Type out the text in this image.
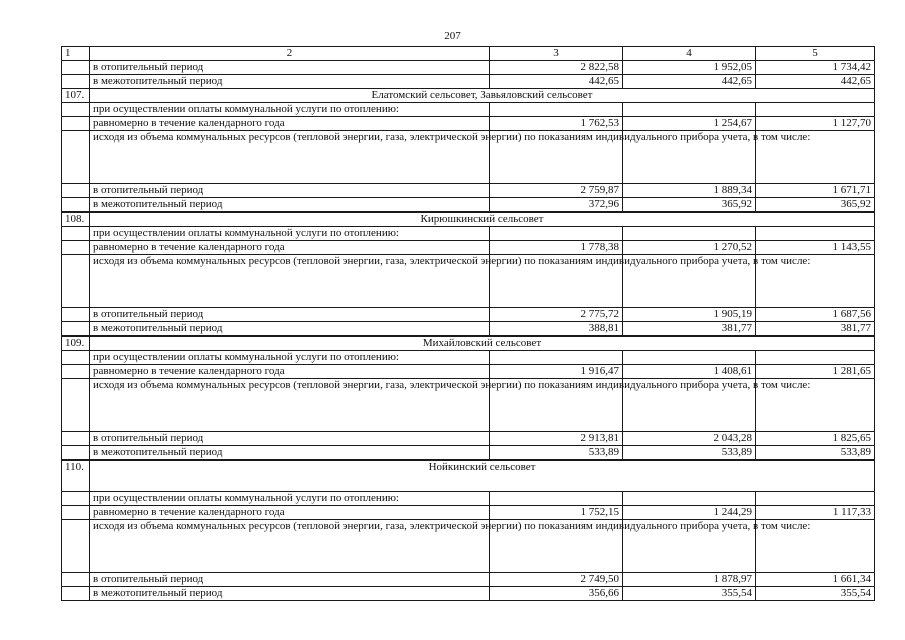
207
1	2	3	4	5
	в отопительный период	2 822,58	1 952,05	1 734,42
	в межотопительный период	442,65	442,65	442,65
107.	Елатомский сельсовет, Завьяловский сельсовет			
	при осуществлении оплаты коммунальной услуги по отоплению:			
	равномерно в течение календарного года	1 762,53	1 254,67	1 127,70

	исходя из объема коммунальных ресурсов (тепловой энергии, газа, электрической энергии) по показаниям индивидуального прибора учета, в том числе:			

	в отопительный период	2 759,87	1 889,34	1 671,71
	в межотопительный период	372,96	365,92	365,92
108.	Кирюшкинский сельсовет			
	при осуществлении оплаты коммунальной услуги по отоплению:			
	равномерно в течение календарного года	1 778,38	1 270,52	1 143,55

	исходя из объема коммунальных ресурсов (тепловой энергии, газа, электрической энергии) по показаниям индивидуального прибора учета, в том числе:			

	в отопительный период	2 775,72	1 905,19	1 687,56
	в межотопительный период	388,81	381,77	381,77
109.	Михайловский сельсовет			
	при осуществлении оплаты коммунальной услуги по отоплению:			
	равномерно в течение календарного года	1 916,47	1 408,61	1 281,65

	исходя из объема коммунальных ресурсов (тепловой энергии, газа, электрической энергии) по показаниям индивидуального прибора учета, в том числе:			

	в отопительный период	2 913,81	2 043,28	1 825,65
	в межотопительный период	533,89	533,89	533,89
110.	Нойкинский сельсовет			
	при осуществлении оплаты коммунальной услуги по отоплению:			
	равномерно в течение календарного года	1 752,15	1 244,29	1 117,33

	исходя из объема коммунальных ресурсов (тепловой энергии, газа, электрической энергии) по показаниям индивидуального прибора учета, в том числе:			

	в отопительный период	2 749,50	1 878,97	1 661,34
	в межотопительный период	356,66	355,54	355,54
